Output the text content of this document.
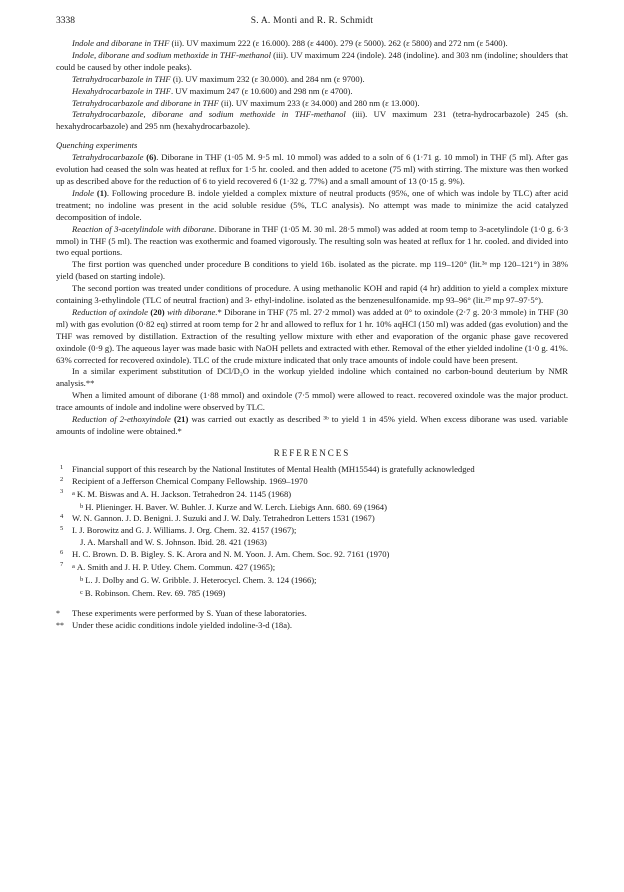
3338	S. A. Monti and R. R. Schmidt

Indole and diborane in THF (ii). UV maximum 222 (ε 16.000). 288 (ε 4400). 279 (ε 5000). 262 (ε 5800) and 272 nm (ε 5400).

Indole, diborane and sodium methoxide in THF-methanol (iii). UV maximum 224 (indole). 248 (indoline). and 303 nm (indoline; shoulders that could be caused by other indole peaks).

Tetrahydrocarbazole in THF (i). UV maximum 232 (ε 30.000). and 284 nm (ε 9700).

Hexahydrocarbazole in THF. UV maximum 247 (ε 10.600) and 298 nm (ε 4700).

Tetrahydrocarbazole and diborane in THF (ii). UV maximum 233 (ε 34.000) and 280 nm (ε 13.000).

Tetrahydrocarbazole, diborane and sodium methoxide in THF-methanol (iii). UV maximum 231 (tetra-hydrocarbazole) 245 (sh. hexahydrocarbazole) and 295 nm (hexahydrocarbazole).

Quenching experiments

Tetrahydrocarbazole (6). Diborane in THF (1·05 M. 9·5 ml. 10 mmol) was added to a soln of 6 (1·71 g. 10 mmol) in THF (5 ml). After gas evolution had ceased the soln was heated at reflux for 1·5 hr. cooled. and then added to acetone (75 ml) with stirring. The mixture was then worked up as described above for the reduction of 6 to yield recovered 6 (1·32 g. 77%) and a small amount of 13 (0·15 g. 9%).

Indole (1). Following procedure B. indole yielded a complex mixture of neutral products (95%, one of which was indole by TLC) after acid treatment; no indoline was present in the acid soluble residue (5%, TLC analysis). No attempt was made to minimize the acid catalyzed decomposition of indole.

Reaction of 3-acetylindole with diborane. Diborane in THF (1·05 M. 30 ml. 28·5 mmol) was added at room temp to 3-acetylindole (1·0 g. 6·3 mmol) in THF (5 ml). The reaction was exothermic and foamed vigorously. The resulting soln was heated at reflux for 1 hr. cooled. and divided into two equal portions.

The first portion was quenched under procedure B conditions to yield 16b. isolated as the picrate. mp 119–120° (lit.³ᵃ mp 120–121°) in 38% yield (based on starting indole).

The second portion was treated under conditions of procedure. A using methanolic KOH and rapid (4 hr) addition to yield a complex mixture containing 3-ethylindole (TLC of neutral fraction) and 3- ethyl-indoline. isolated as the benzenesulfonamide. mp 93–96° (lit.²⁹ mp 97–97·5°).

Reduction of oxindole (20) with diborane.* Diborane in THF (75 ml. 27·2 mmol) was added at 0° to oxindole (2·7 g. 20·3 mmole) in THF (30 ml) with gas evolution (0·82 eq) stirred at room temp for 2 hr and allowed to reflux for 1 hr. 10% aqHCl (150 ml) was added (gas evolution) and the THF was removed by distillation. Extraction of the resulting yellow mixture with ether and evaporation of the organic phase gave recovered oxindole (0·9 g). The aqueous layer was made basic with NaOH pellets and extracted with ether. Removal of the ether yielded indoline (1·0 g. 41%. 63% corrected for recovered oxindole). TLC of the crude mixture indicated that only trace amounts of indole could have been present.

In a similar experiment substitution of DCl/D₂O in the workup yielded indoline which contained no carbon-bound deuterium by NMR analysis.**

When a limited amount of diborane (1·88 mmol) and oxindole (7·5 mmol) were allowed to react. recovered oxindole was the major product. trace amounts of indole and indoline were observed by TLC.

Reduction of 2-ethoxyindole (21) was carried out exactly as described ³ᵇ to yield 1 in 45% yield. When excess diborane was used. variable amounts of indoline were obtained.*

REFERENCES
1 Financial support of this research by the National Institutes of Mental Health (MH15544) is gratefully acknowledged
2 Recipient of a Jefferson Chemical Company Fellowship. 1969–1970
3 $^a$ K. M. Biswas and A. H. Jackson. Tetrahedron 24. 1145 (1968)
$^b$ H. Plieninger. H. Baver. W. Buhler. J. Kurze and W. Lerch. Liebigs Ann. 680. 69 (1964)
4 W. N. Gannon. J. D. Benigni. J. Suzuki and J. W. Daly. Tetrahedron Letters 1531 (1967)
5 I. J. Borowitz and G. J. Williams. J. Org. Chem. 32. 4157 (1967);
J. A. Marshall and W. S. Johnson. Ibid. 28. 421 (1963)
6 H. C. Brown. D. B. Bigley. S. K. Arora and N. M. Yoon. J. Am. Chem. Soc. 92. 7161 (1970)
7 $^a$ A. Smith and J. H. P. Utley. Chem. Commun. 427 (1965);
$^b$ L. J. Dolby and G. W. Gribble. J. Heterocycl. Chem. 3. 124 (1966);
$^c$ B. Robinson. Chem. Rev. 69. 785 (1969)

* These experiments were performed by S. Yuan of these laboratories.

** Under these acidic conditions indole yielded indoline-3-d (18a).
